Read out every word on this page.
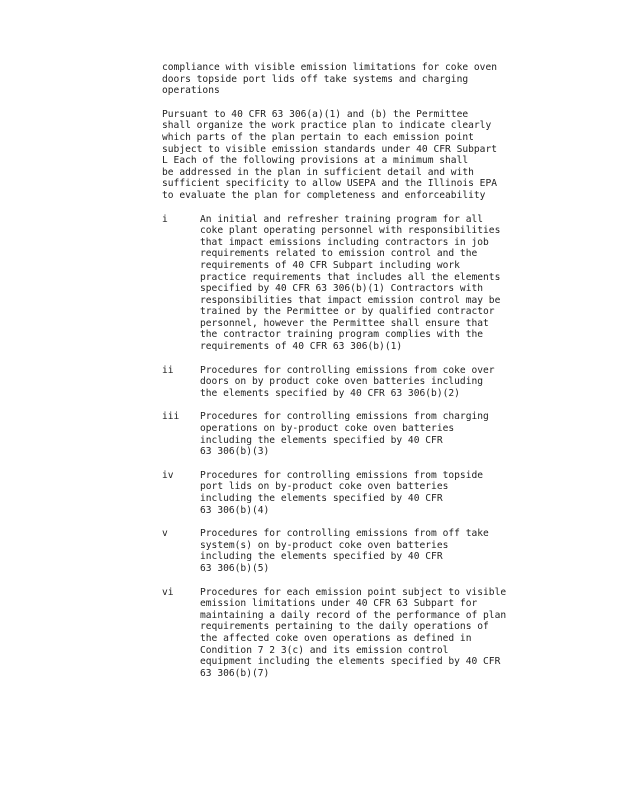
compliance with visible emission limitations for coke oven
doors topside port lids off take systems and charging
operations

Pursuant to 40 CFR 63 306(a)(1) and (b) the Permittee
shall organize the work practice plan to indicate clearly
which parts of the plan pertain to each emission point
subject to visible emission standards under 40 CFR Subpart
L Each of the following provisions at a minimum shall
be addressed in the plan in sufficient detail and with
sufficient specificity to allow USEPA and the Illinois EPA
to evaluate the plan for completeness and enforceability

i	An initial and refresher training program for all
coke plant operating personnel with responsibilities
that impact emissions including contractors in job
requirements related to emission control and the
requirements of 40 CFR Subpart including work
practice requirements that includes all the elements
specified by 40 CFR 63 306(b)(1) Contractors with
responsibilities that impact emission control may be
trained by the Permittee or by qualified contractor
personnel, however the Permittee shall ensure that
the contractor training program complies with the
requirements of 40 CFR 63 306(b)(1)
ii	Procedures for controlling emissions from coke over
doors on by product coke oven batteries including
the elements specified by 40 CFR 63 306(b)(2)
iii	Procedures for controlling emissions from charging
operations on by-product coke oven batteries
including the elements specified by 40 CFR
63 306(b)(3)
iv	Procedures for controlling emissions from topside
port lids on by-product coke oven batteries
including the elements specified by 40 CFR
63 306(b)(4)
v	Procedures for controlling emissions from off take
system(s) on by-product coke oven batteries
including the elements specified by 40 CFR
63 306(b)(5)
vi	Procedures for each emission point subject to visible
emission limitations under 40 CFR 63 Subpart for
maintaining a daily record of the performance of plan
requirements pertaining to the daily operations of
the affected coke oven operations as defined in
Condition 7 2 3(c) and its emission control
equipment including the elements specified by 40 CFR
63 306(b)(7)
